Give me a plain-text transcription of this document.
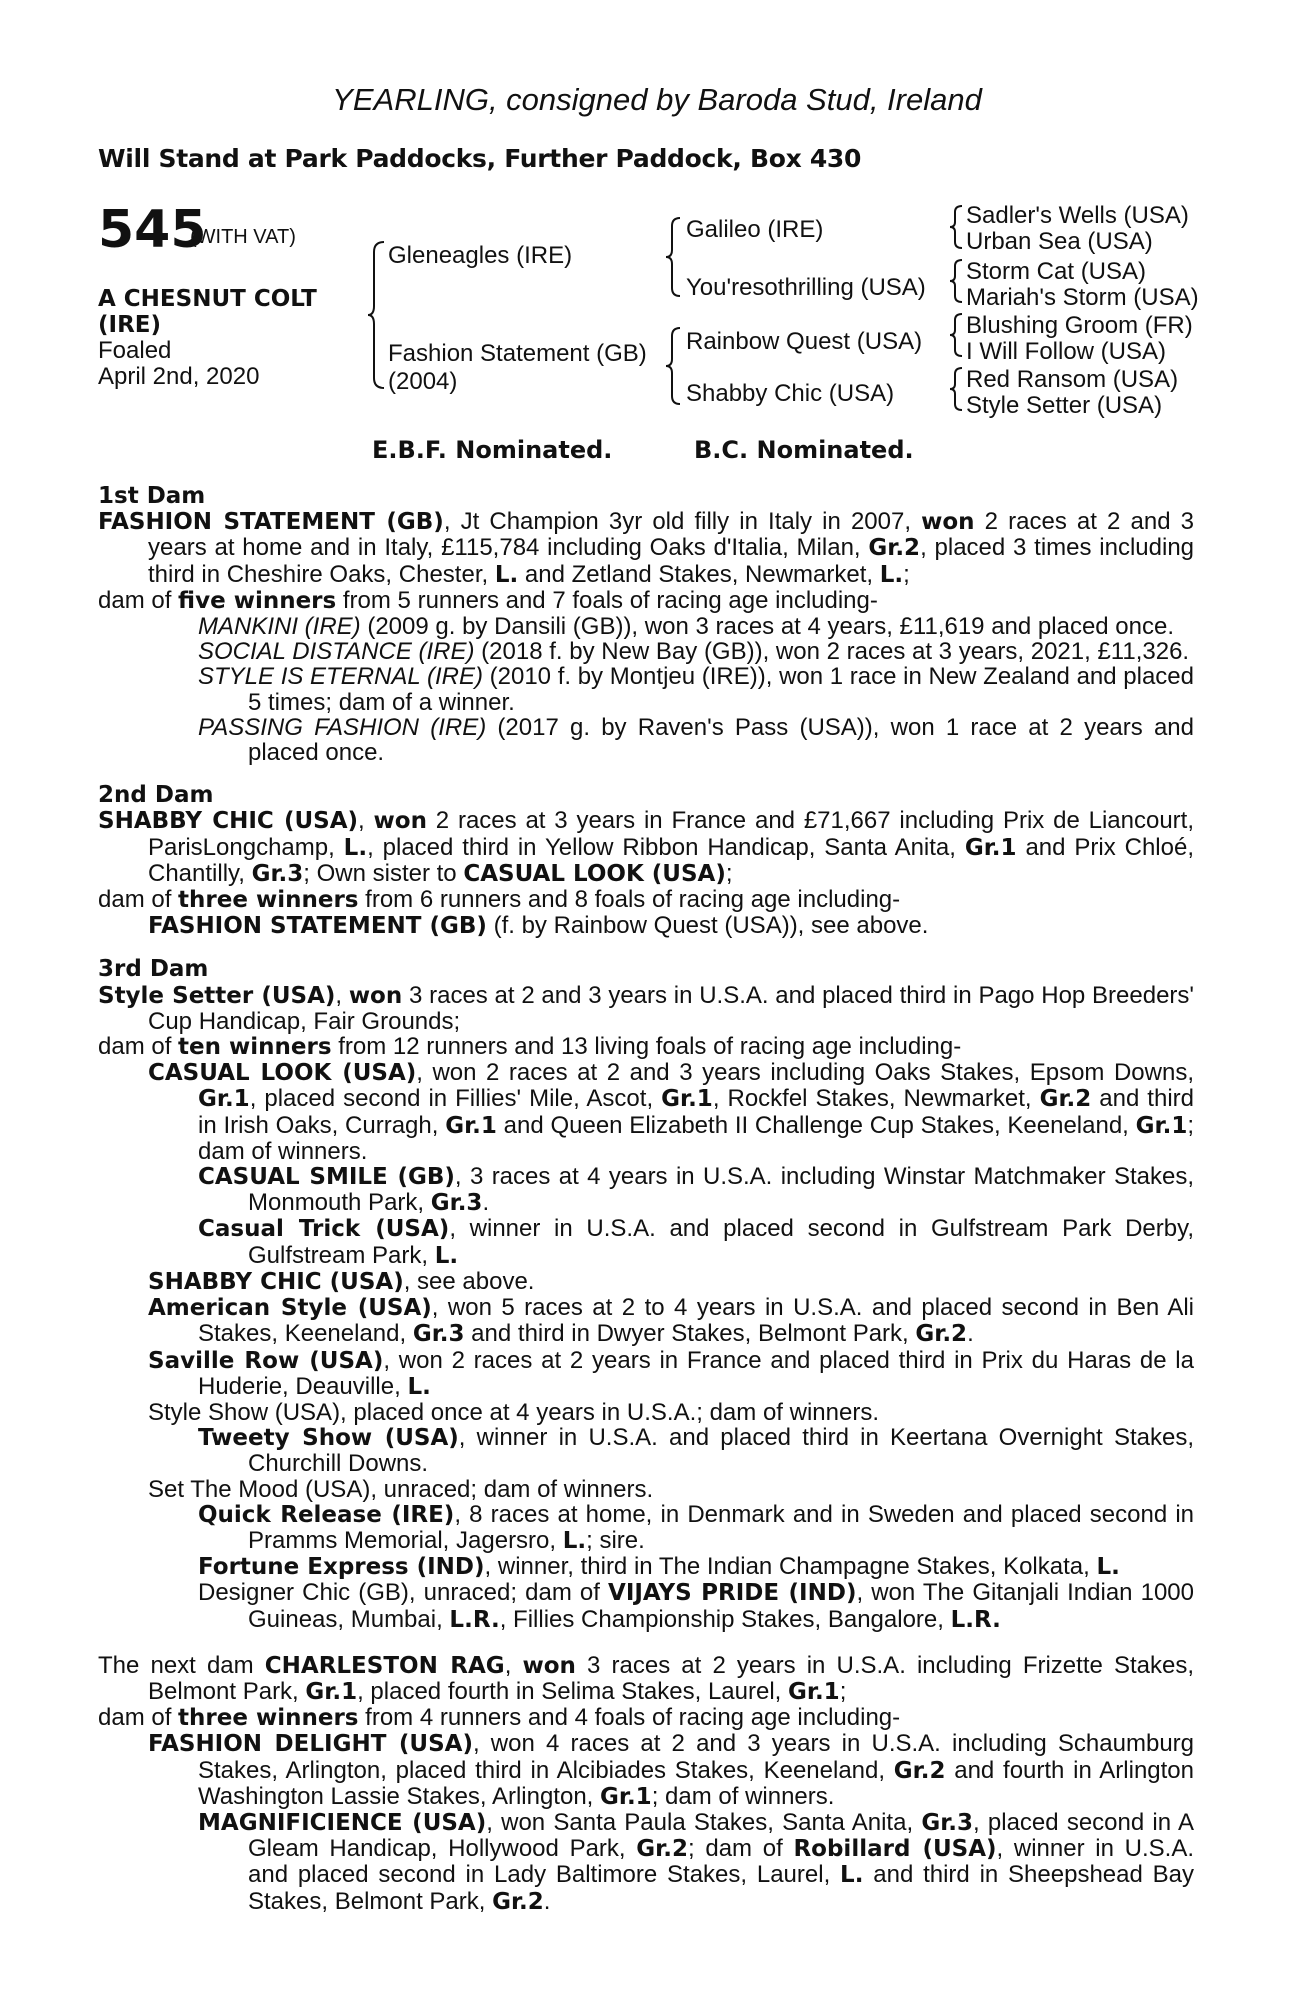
YEARLING, consigned by Baroda Stud, Ireland
Will Stand at Park Paddocks, Further Paddock, Box 430
545
(WITH VAT)
A CHESNUT COLT
(IRE)
Foaled
April 2nd, 2020
Gleneagles (IRE)
Fashion Statement (GB)
(2004)
Galileo (IRE)
You'resothrilling (USA)
Rainbow Quest (USA)
Shabby Chic (USA)
Sadler's Wells (USA)
Urban Sea (USA)
Storm Cat (USA)
Mariah's Storm (USA)
Blushing Groom (FR)
I Will Follow (USA)
Red Ransom (USA)
Style Setter (USA)
E.B.F. Nominated.	B.C. Nominated.

1st Dam

FASHION STATEMENT (GB), Jt Champion 3yr old filly in Italy in 2007, won 2 races at 2 and 3 years at home and in Italy, £115,784 including Oaks d'Italia, Milan, Gr.2, placed 3 times including third in Cheshire Oaks, Chester, L. and Zetland Stakes, Newmarket, L.;

dam of five winners from 5 runners and 7 foals of racing age including-

MANKINI (IRE) (2009 g. by Dansili (GB)), won 3 races at 4 years, £11,619 and placed once.

SOCIAL DISTANCE (IRE) (2018 f. by New Bay (GB)), won 2 races at 3 years, 2021, £11,326.

STYLE IS ETERNAL (IRE) (2010 f. by Montjeu (IRE)), won 1 race in New Zealand and placed 5 times; dam of a winner.

PASSING FASHION (IRE) (2017 g. by Raven's Pass (USA)), won 1 race at 2 years and placed once.

2nd Dam

SHABBY CHIC (USA), won 2 races at 3 years in France and £71,667 including Prix de Liancourt, ParisLongchamp, L., placed third in Yellow Ribbon Handicap, Santa Anita, Gr.1 and Prix Chloé, Chantilly, Gr.3; Own sister to CASUAL LOOK (USA);

dam of three winners from 6 runners and 8 foals of racing age including-

FASHION STATEMENT (GB) (f. by Rainbow Quest (USA)), see above.

3rd Dam

Style Setter (USA), won 3 races at 2 and 3 years in U.S.A. and placed third in Pago Hop Breeders' Cup Handicap, Fair Grounds;

dam of ten winners from 12 runners and 13 living foals of racing age including-

CASUAL LOOK (USA), won 2 races at 2 and 3 years including Oaks Stakes, Epsom Downs, Gr.1, placed second in Fillies' Mile, Ascot, Gr.1, Rockfel Stakes, Newmarket, Gr.2 and third in Irish Oaks, Curragh, Gr.1 and Queen Elizabeth II Challenge Cup Stakes, Keeneland, Gr.1; dam of winners.

CASUAL SMILE (GB), 3 races at 4 years in U.S.A. including Winstar Matchmaker Stakes, Monmouth Park, Gr.3.

Casual Trick (USA), winner in U.S.A. and placed second in Gulfstream Park Derby, Gulfstream Park, L.

SHABBY CHIC (USA), see above.

American Style (USA), won 5 races at 2 to 4 years in U.S.A. and placed second in Ben Ali Stakes, Keeneland, Gr.3 and third in Dwyer Stakes, Belmont Park, Gr.2.

Saville Row (USA), won 2 races at 2 years in France and placed third in Prix du Haras de la Huderie, Deauville, L.

Style Show (USA), placed once at 4 years in U.S.A.; dam of winners.

Tweety Show (USA), winner in U.S.A. and placed third in Keertana Overnight Stakes, Churchill Downs.

Set The Mood (USA), unraced; dam of winners.

Quick Release (IRE), 8 races at home, in Denmark and in Sweden and placed second in Pramms Memorial, Jagersro, L.; sire.

Fortune Express (IND), winner, third in The Indian Champagne Stakes, Kolkata, L.

Designer Chic (GB), unraced; dam of VIJAYS PRIDE (IND), won The Gitanjali Indian 1000 Guineas, Mumbai, L.R., Fillies Championship Stakes, Bangalore, L.R.

The next dam CHARLESTON RAG, won 3 races at 2 years in U.S.A. including Frizette Stakes, Belmont Park, Gr.1, placed fourth in Selima Stakes, Laurel, Gr.1;

dam of three winners from 4 runners and 4 foals of racing age including-

FASHION DELIGHT (USA), won 4 races at 2 and 3 years in U.S.A. including Schaumburg Stakes, Arlington, placed third in Alcibiades Stakes, Keeneland, Gr.2 and fourth in Arlington Washington Lassie Stakes, Arlington, Gr.1; dam of winners.

MAGNIFICIENCE (USA), won Santa Paula Stakes, Santa Anita, Gr.3, placed second in A Gleam Handicap, Hollywood Park, Gr.2; dam of Robillard (USA), winner in U.S.A. and placed second in Lady Baltimore Stakes, Laurel, L. and third in Sheepshead Bay Stakes, Belmont Park, Gr.2.
